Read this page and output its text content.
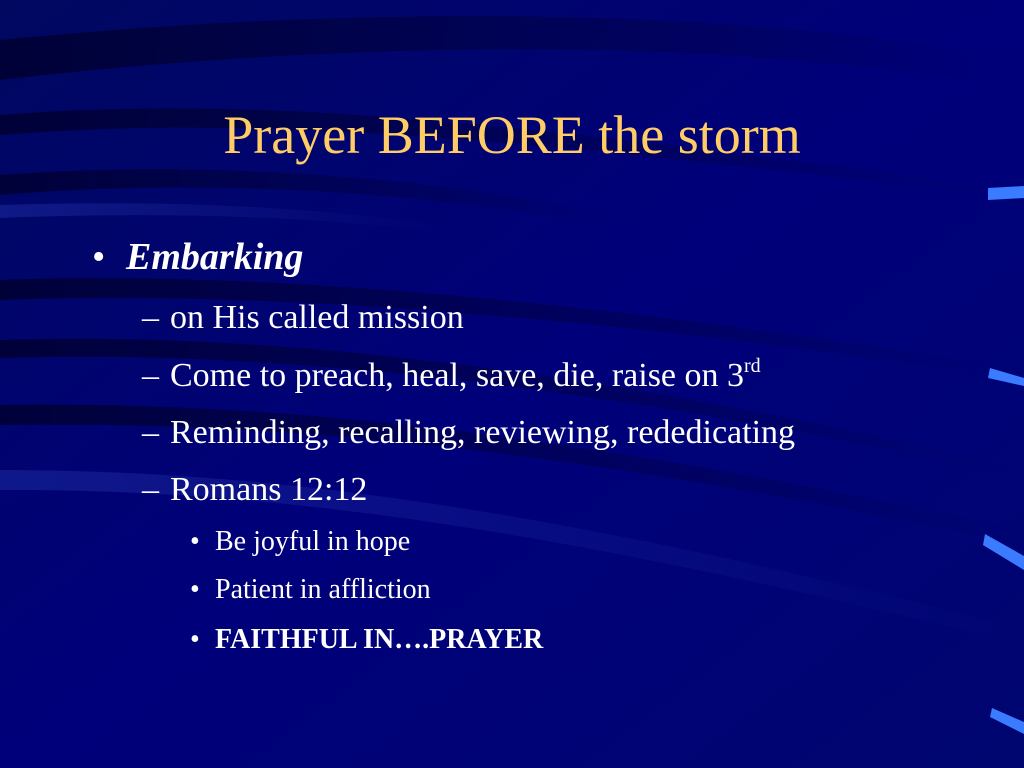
Prayer BEFORE the storm
• Embarking
– on His called mission
– Come to preach, heal, save, die, raise on 3rd
– Reminding, recalling, reviewing, rededicating
– Romans 12:12
• Be joyful in hope
• Patient in affliction
• FAITHFUL IN….PRAYER
